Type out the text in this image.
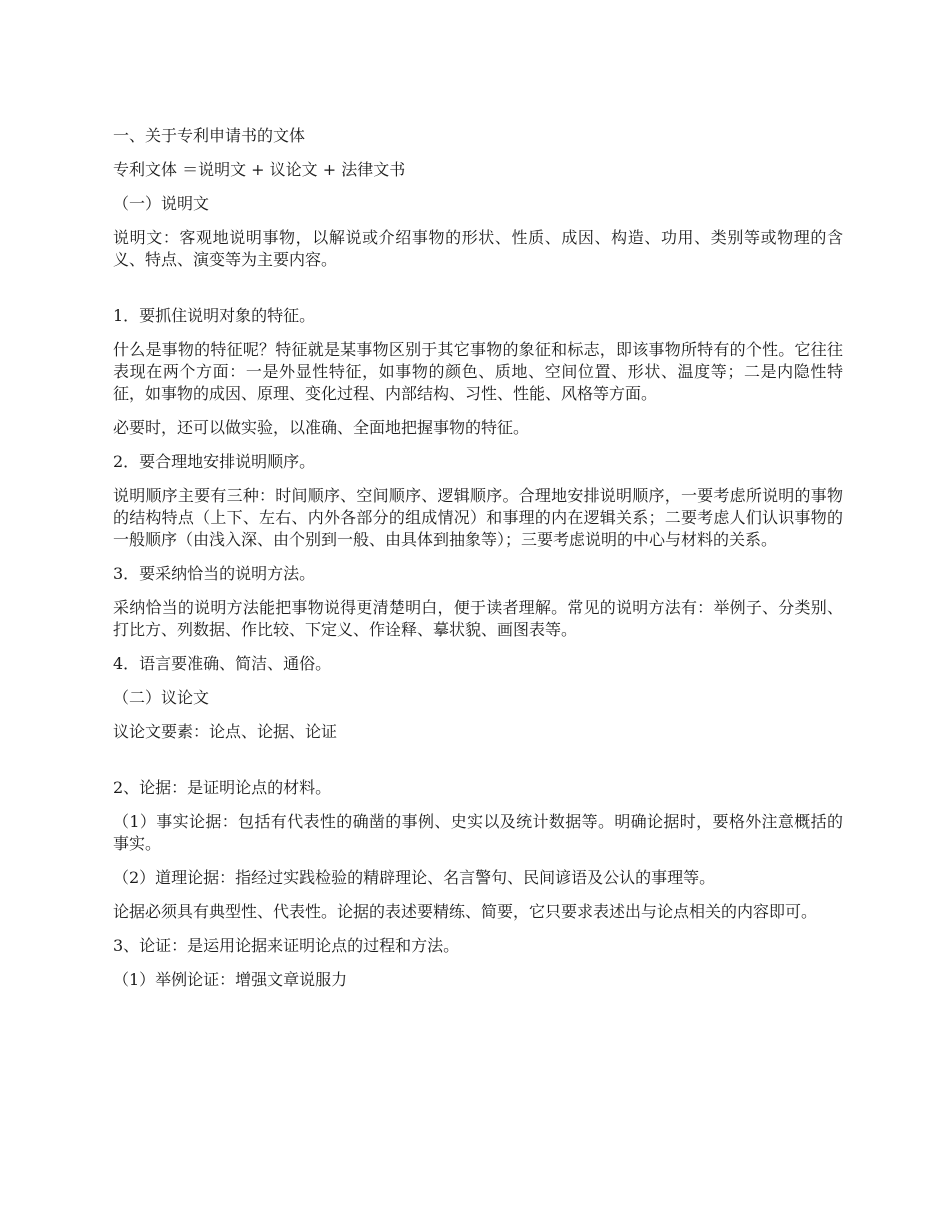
一、关于专利申请书的文体

专利文体 ＝说明文 + 议论文 + 法律文书

（一）说明文

说明文：客观地说明事物，以解说或介绍事物的形状、性质、成因、构造、功用、类别等或物理的含义、特点、演变等为主要内容。

1．要抓住说明对象的特征。

什么是事物的特征呢？特征就是某事物区别于其它事物的象征和标志，即该事物所特有的个性。它往往表现在两个方面：一是外显性特征，如事物的颜色、质地、空间位置、形状、温度等；二是内隐性特征，如事物的成因、原理、变化过程、内部结构、习性、性能、风格等方面。

必要时，还可以做实验，以准确、全面地把握事物的特征。

2．要合理地安排说明顺序。

说明顺序主要有三种：时间顺序、空间顺序、逻辑顺序。合理地安排说明顺序，一要考虑所说明的事物的结构特点（上下、左右、内外各部分的组成情况）和事理的内在逻辑关系；二要考虑人们认识事物的一般顺序（由浅入深、由个别到一般、由具体到抽象等）；三要考虑说明的中心与材料的关系。

3．要采纳恰当的说明方法。

采纳恰当的说明方法能把事物说得更清楚明白，便于读者理解。常见的说明方法有：举例子、分类别、打比方、列数据、作比较、下定义、作诠释、摹状貌、画图表等。

4．语言要准确、简洁、通俗。

（二）议论文

议论文要素：论点、论据、论证

2、论据：是证明论点的材料。

（1）事实论据：包括有代表性的确凿的事例、史实以及统计数据等。明确论据时，要格外注意概括的事实。

（2）道理论据：指经过实践检验的精辟理论、名言警句、民间谚语及公认的事理等。

论据必须具有典型性、代表性。论据的表述要精练、简要，它只要求表述出与论点相关的内容即可。

3、论证：是运用论据来证明论点的过程和方法。

（1）举例论证：增强文章说服力
